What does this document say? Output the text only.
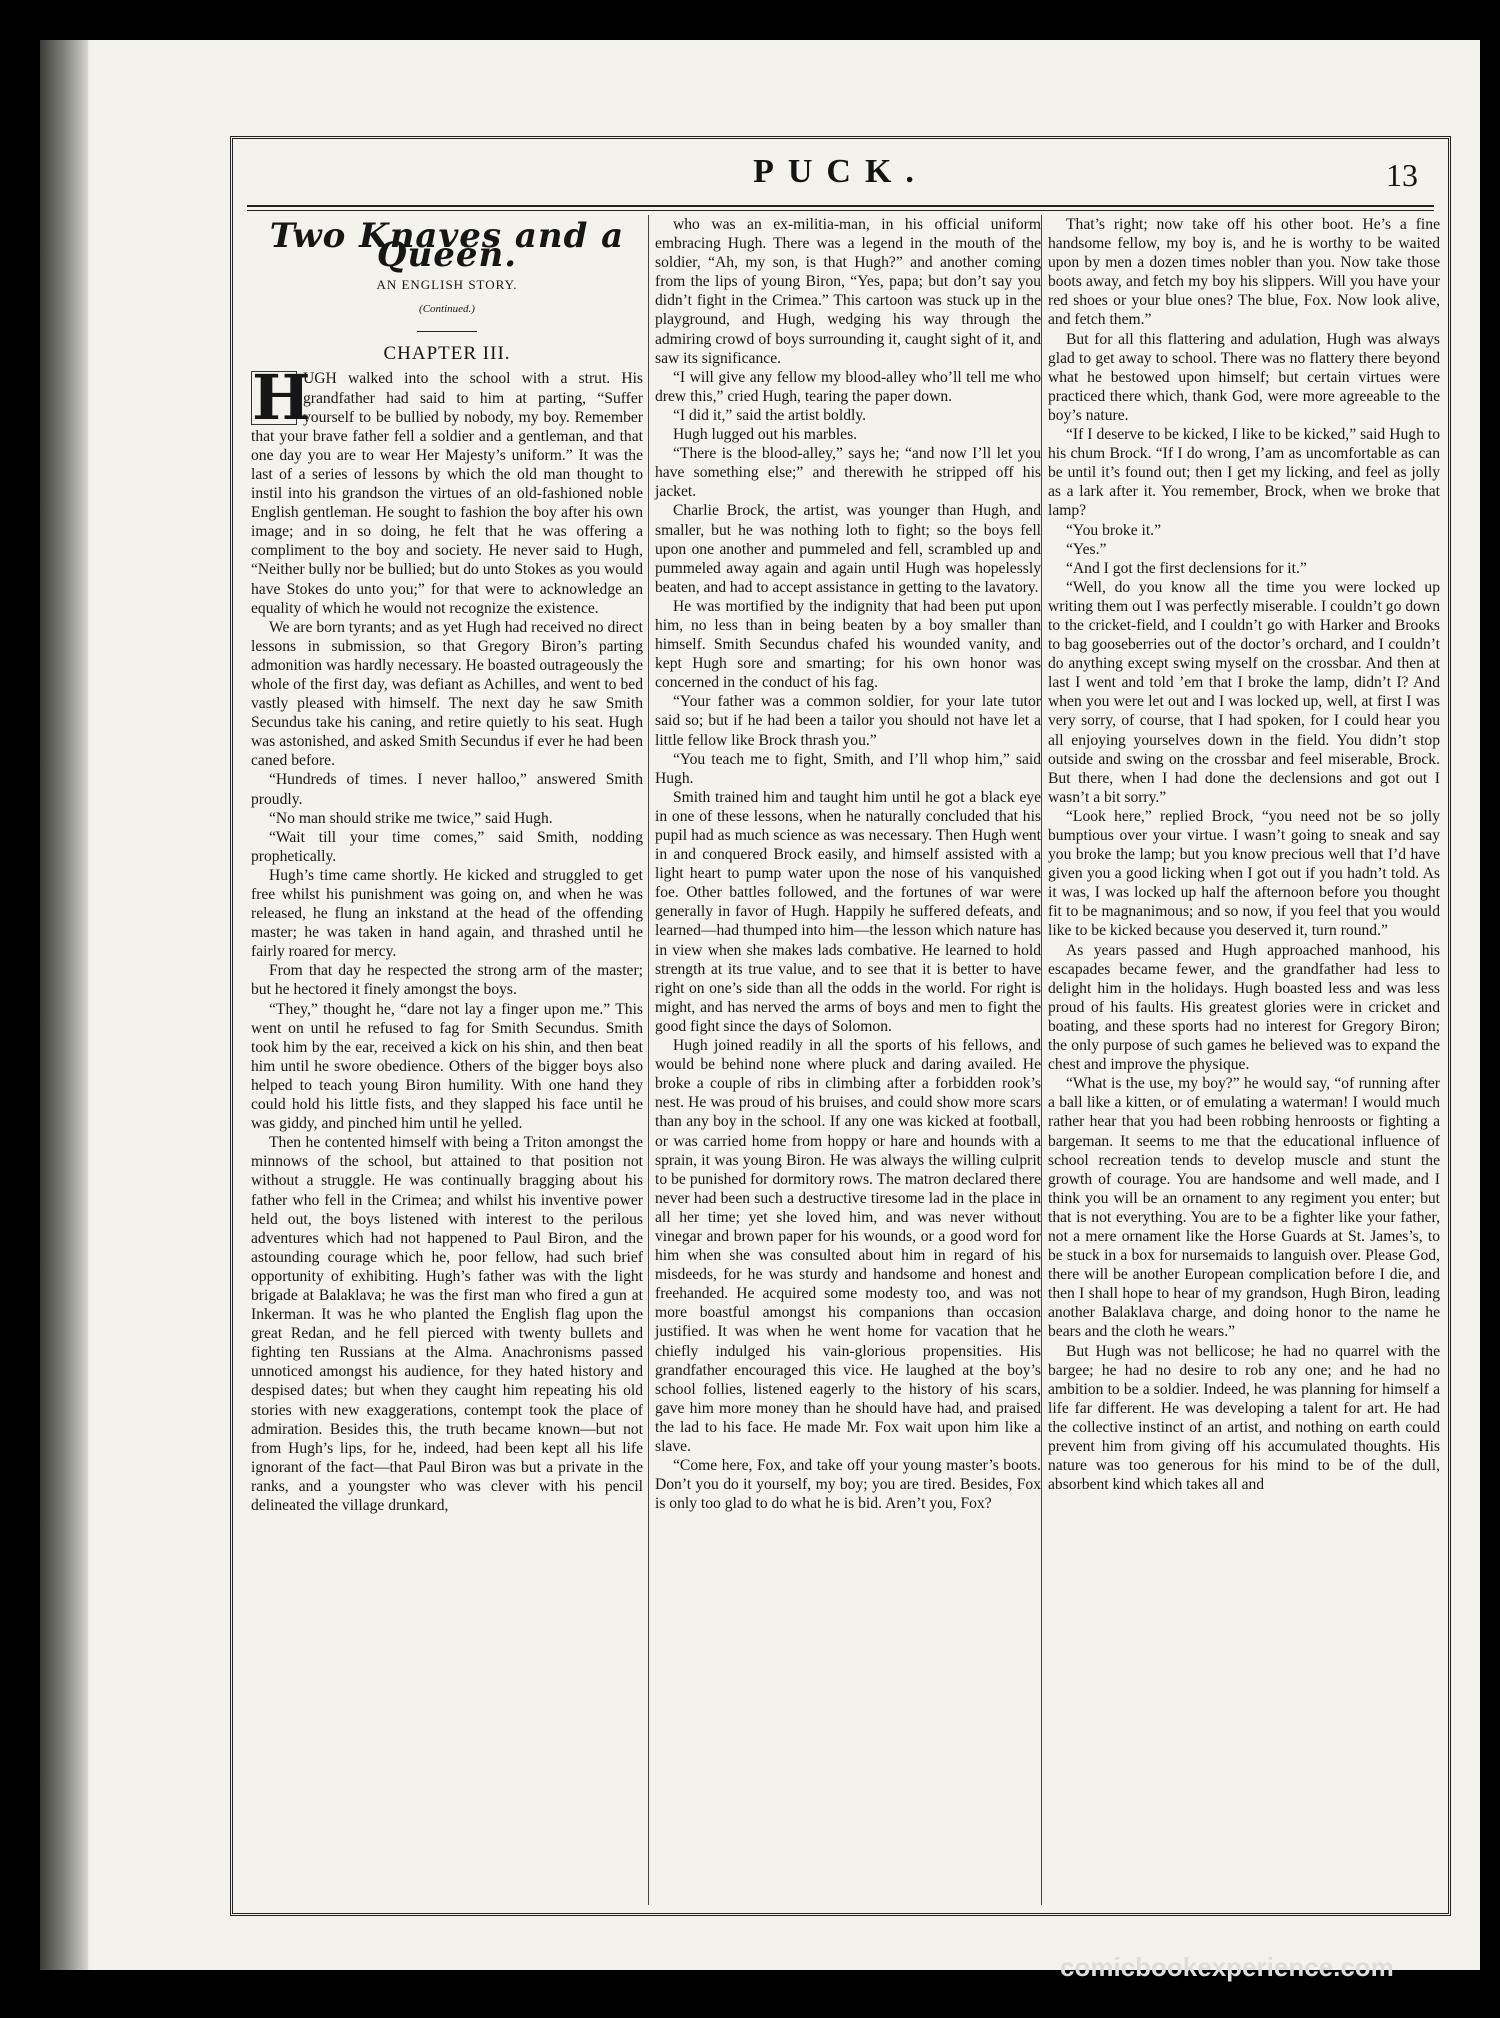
PUCK.	13
Two Knaves and a Queen.
AN ENGLISH STORY.
(Continued.)
CHAPTER III.

H
UGH walked into the school with a strut. His grandfather had said to him at parting, “Suffer yourself to be bullied by nobody, my boy. Remember that your brave father fell a soldier and a gentleman, and that one day you are to wear Her Majesty’s uniform.” It was the last of a series of lessons by which the old man thought to instil into his grandson the virtues of an old-fashioned noble English gentleman. He sought to fashion the boy after his own image; and in so doing, he felt that he was offering a compliment to the boy and society. He never said to Hugh, “Neither bully nor be bullied; but do unto Stokes as you would have Stokes do unto you;” for that were to acknowledge an equality of which he would not recognize the existence.

We are born tyrants; and as yet Hugh had received no direct lessons in submission, so that Gregory Biron’s parting admonition was hardly necessary. He boasted outrageously the whole of the first day, was defiant as Achilles, and went to bed vastly pleased with himself. The next day he saw Smith Secundus take his caning, and retire quietly to his seat. Hugh was astonished, and asked Smith Secundus if ever he had been caned before.

“Hundreds of times. I never halloo,” answered Smith proudly.

“No man should strike me twice,” said Hugh.

“Wait till your time comes,” said Smith, nodding prophetically.

Hugh’s time came shortly. He kicked and struggled to get free whilst his punishment was going on, and when he was released, he flung an inkstand at the head of the offending master; he was taken in hand again, and thrashed until he fairly roared for mercy.

From that day he respected the strong arm of the master; but he hectored it finely amongst the boys.

“They,” thought he, “dare not lay a finger upon me.” This went on until he refused to fag for Smith Secundus. Smith took him by the ear, received a kick on his shin, and then beat him until he swore obedience. Others of the bigger boys also helped to teach young Biron humility. With one hand they could hold his little fists, and they slapped his face until he was giddy, and pinched him until he yelled.

Then he contented himself with being a Triton amongst the minnows of the school, but attained to that position not without a struggle. He was continually bragging about his father who fell in the Crimea; and whilst his inventive power held out, the boys listened with interest to the perilous adventures which had not happened to Paul Biron, and the astounding courage which he, poor fellow, had such brief opportunity of exhibiting. Hugh’s father was with the light brigade at Balaklava; he was the first man who fired a gun at Inkerman. It was he who planted the English flag upon the great Redan, and he fell pierced with twenty bullets and fighting ten Russians at the Alma. Anachronisms passed unnoticed amongst his audience, for they hated history and despised dates; but when they caught him repeating his old stories with new exaggerations, contempt took the place of admiration. Besides this, the truth became known—but not from Hugh’s lips, for he, indeed, had been kept all his life ignorant of the fact—that Paul Biron was but a private in the ranks, and a youngster who was clever with his pencil delineated the village drunkard,

who was an ex-militia-man, in his official uniform embracing Hugh. There was a legend in the mouth of the soldier, “Ah, my son, is that Hugh?” and another coming from the lips of young Biron, “Yes, papa; but don’t say you didn’t fight in the Crimea.” This cartoon was stuck up in the playground, and Hugh, wedging his way through the admiring crowd of boys surrounding it, caught sight of it, and saw its significance.

“I will give any fellow my blood-alley who’ll tell me who drew this,” cried Hugh, tearing the paper down.

“I did it,” said the artist boldly.

Hugh lugged out his marbles.

“There is the blood-alley,” says he; “and now I’ll let you have something else;” and therewith he stripped off his jacket.

Charlie Brock, the artist, was younger than Hugh, and smaller, but he was nothing loth to fight; so the boys fell upon one another and pummeled and fell, scrambled up and pummeled away again and again until Hugh was hopelessly beaten, and had to accept assistance in getting to the lavatory.

He was mortified by the indignity that had been put upon him, no less than in being beaten by a boy smaller than himself. Smith Secundus chafed his wounded vanity, and kept Hugh sore and smarting; for his own honor was concerned in the conduct of his fag.

“Your father was a common soldier, for your late tutor said so; but if he had been a tailor you should not have let a little fellow like Brock thrash you.”

“You teach me to fight, Smith, and I’ll whop him,” said Hugh.

Smith trained him and taught him until he got a black eye in one of these lessons, when he naturally concluded that his pupil had as much science as was necessary. Then Hugh went in and conquered Brock easily, and himself assisted with a light heart to pump water upon the nose of his vanquished foe. Other battles followed, and the fortunes of war were generally in favor of Hugh. Happily he suffered defeats, and learned—had thumped into him—the lesson which nature has in view when she makes lads combative. He learned to hold strength at its true value, and to see that it is better to have right on one’s side than all the odds in the world. For right is might, and has nerved the arms of boys and men to fight the good fight since the days of Solomon.

Hugh joined readily in all the sports of his fellows, and would be behind none where pluck and daring availed. He broke a couple of ribs in climbing after a forbidden rook’s nest. He was proud of his bruises, and could show more scars than any boy in the school. If any one was kicked at football, or was carried home from hoppy or hare and hounds with a sprain, it was young Biron. He was always the willing culprit to be punished for dormitory rows. The matron declared there never had been such a destructive tiresome lad in the place in all her time; yet she loved him, and was never without vinegar and brown paper for his wounds, or a good word for him when she was consulted about him in regard of his misdeeds, for he was sturdy and handsome and honest and freehanded. He acquired some modesty too, and was not more boastful amongst his companions than occasion justified. It was when he went home for vacation that he chiefly indulged his vain-glorious propensities. His grandfather encouraged this vice. He laughed at the boy’s school follies, listened eagerly to the history of his scars, gave him more money than he should have had, and praised the lad to his face. He made Mr. Fox wait upon him like a slave.

“Come here, Fox, and take off your young master’s boots. Don’t you do it yourself, my boy; you are tired. Besides, Fox is only too glad to do what he is bid. Aren’t you, Fox?

That’s right; now take off his other boot. He’s a fine handsome fellow, my boy is, and he is worthy to be waited upon by men a dozen times nobler than you. Now take those boots away, and fetch my boy his slippers. Will you have your red shoes or your blue ones? The blue, Fox. Now look alive, and fetch them.”

But for all this flattering and adulation, Hugh was always glad to get away to school. There was no flattery there beyond what he bestowed upon himself; but certain virtues were practiced there which, thank God, were more agreeable to the boy’s nature.

“If I deserve to be kicked, I like to be kicked,” said Hugh to his chum Brock. “If I do wrong, I’am as uncomfortable as can be until it’s found out; then I get my licking, and feel as jolly as a lark after it. You remember, Brock, when we broke that lamp?

“You broke it.”

“Yes.”

“And I got the first declensions for it.”

“Well, do you know all the time you were locked up writing them out I was perfectly miserable. I couldn’t go down to the cricket-field, and I couldn’t go with Harker and Brooks to bag gooseberries out of the doctor’s orchard, and I couldn’t do anything except swing myself on the crossbar. And then at last I went and told ’em that I broke the lamp, didn’t I? And when you were let out and I was locked up, well, at first I was very sorry, of course, that I had spoken, for I could hear you all enjoying yourselves down in the field. You didn’t stop outside and swing on the crossbar and feel miserable, Brock. But there, when I had done the declensions and got out I wasn’t a bit sorry.”

“Look here,” replied Brock, “you need not be so jolly bumptious over your virtue. I wasn’t going to sneak and say you broke the lamp; but you know precious well that I’d have given you a good licking when I got out if you hadn’t told. As it was, I was locked up half the afternoon before you thought fit to be magnanimous; and so now, if you feel that you would like to be kicked because you deserved it, turn round.”

As years passed and Hugh approached manhood, his escapades became fewer, and the grandfather had less to delight him in the holidays. Hugh boasted less and was less proud of his faults. His greatest glories were in cricket and boating, and these sports had no interest for Gregory Biron; the only purpose of such games he believed was to expand the chest and improve the physique.

“What is the use, my boy?” he would say, “of running after a ball like a kitten, or of emulating a waterman! I would much rather hear that you had been robbing henroosts or fighting a bargeman. It seems to me that the educational influence of school recreation tends to develop muscle and stunt the growth of courage. You are handsome and well made, and I think you will be an ornament to any regiment you enter; but that is not everything. You are to be a fighter like your father, not a mere ornament like the Horse Guards at St. James’s, to be stuck in a box for nursemaids to languish over. Please God, there will be another European complication before I die, and then I shall hope to hear of my grandson, Hugh Biron, leading another Balaklava charge, and doing honor to the name he bears and the cloth he wears.”

But Hugh was not bellicose; he had no quarrel with the bargee; he had no desire to rob any one; and he had no ambition to be a soldier. Indeed, he was planning for himself a life far different. He was developing a talent for art. He had the collective instinct of an artist, and nothing on earth could prevent him from giving off his accumulated thoughts. His nature was too generous for his mind to be of the dull, absorbent kind which takes all and

comicbookexperience.com
